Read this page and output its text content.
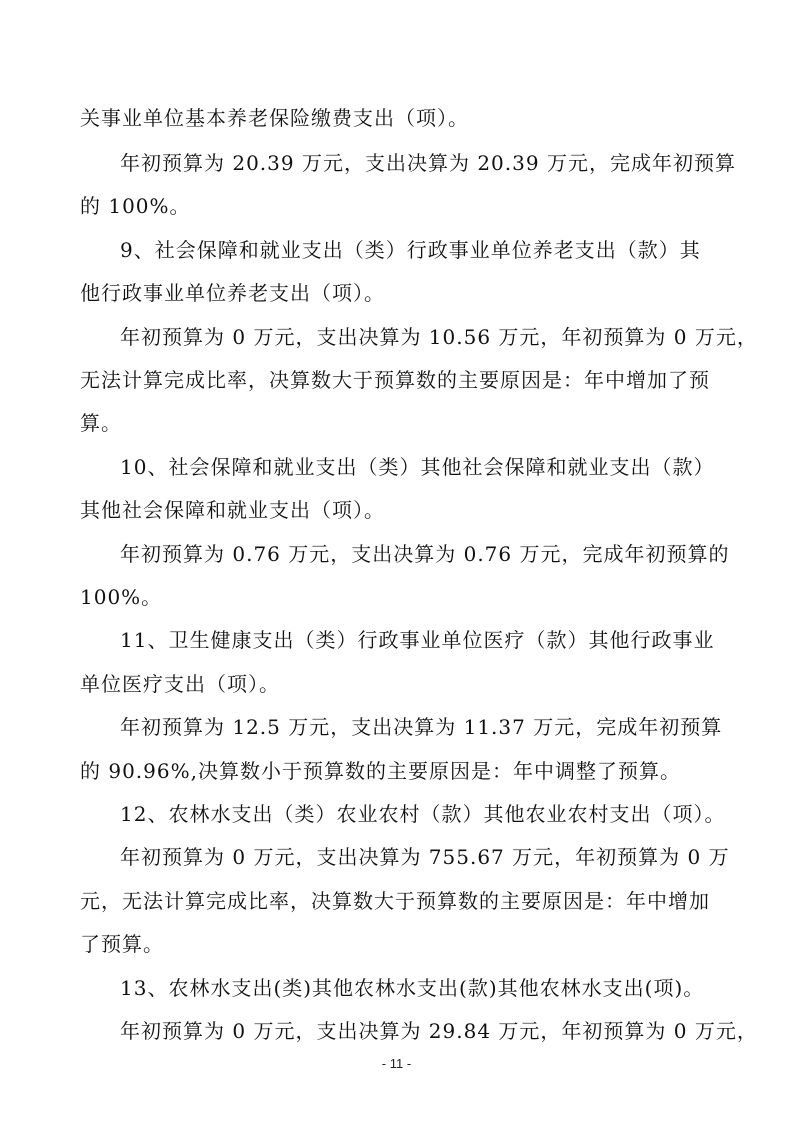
关事业单位基本养老保险缴费支出（项）。
年初预算为 20.39 万元，支出决算为 20.39 万元，完成年初预算
的 100%。
9、社会保障和就业支出（类）行政事业单位养老支出（款）其
他行政事业单位养老支出（项）。
年初预算为 0 万元，支出决算为 10.56 万元，年初预算为 0 万元，
无法计算完成比率，决算数大于预算数的主要原因是：年中增加了预
算。
10、社会保障和就业支出（类）其他社会保障和就业支出（款）
其他社会保障和就业支出（项）。
年初预算为 0.76 万元，支出决算为 0.76 万元，完成年初预算的
100%。
11、卫生健康支出（类）行政事业单位医疗（款）其他行政事业
单位医疗支出（项）。
年初预算为 12.5 万元，支出决算为 11.37 万元，完成年初预算
的 90.96%,决算数小于预算数的主要原因是：年中调整了预算。
12、农林水支出（类）农业农村（款）其他农业农村支出（项）。
年初预算为 0 万元，支出决算为 755.67 万元，年初预算为 0 万
元，无法计算完成比率，决算数大于预算数的主要原因是：年中增加
了预算。
13、农林水支出(类)其他农林水支出(款)其他农林水支出(项)。
年初预算为 0 万元，支出决算为 29.84 万元，年初预算为 0 万元，
- 11 -
